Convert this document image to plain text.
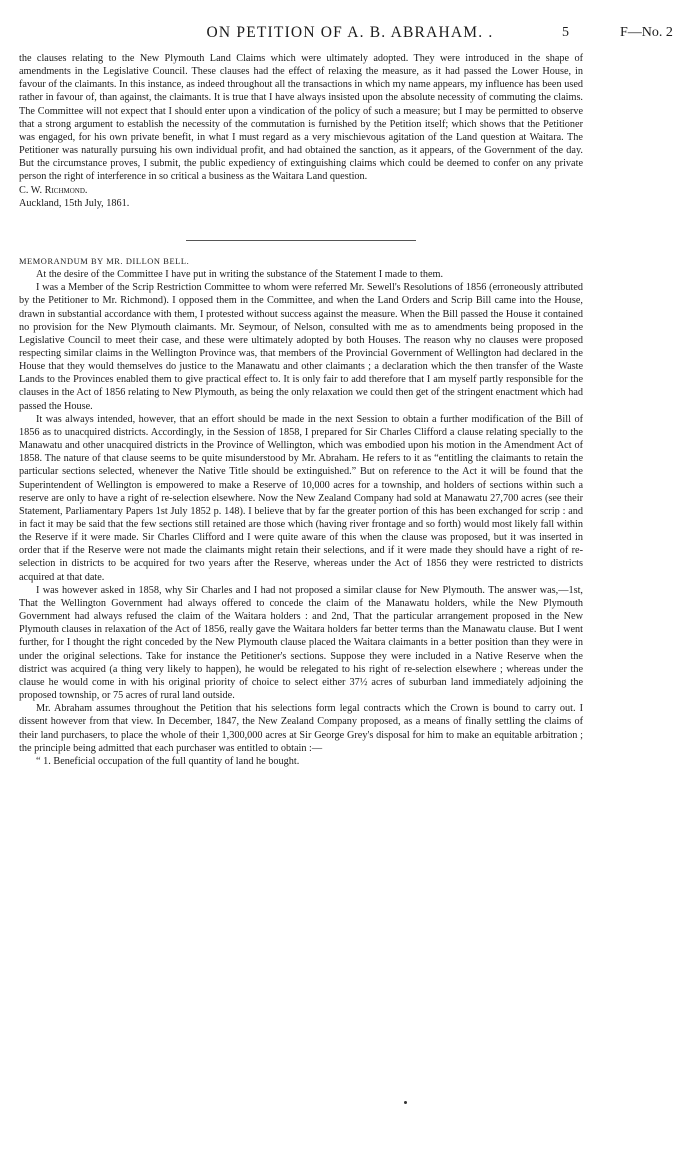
ON PETITION OF A. B. ABRAHAM. .	5	F—No. 2

the clauses relating to the New Plymouth Land Claims which were ultimately adopted. They were introduced in the shape of amendments in the Legislative Council. These clauses had the effect of relaxing the measure, as it had passed the Lower House, in favour of the claimants. In this instance, as indeed throughout all the transactions in which my name appears, my influence has been used rather in favour of, than against, the claimants. It is true that I have always insisted upon the absolute necessity of commuting the claims. The Committee will not expect that I should enter upon a vindication of the policy of such a measure; but I may be permitted to observe that a strong argument to establish the necessity of the commutation is furnished by the Petition itself; which shows that the Petitioner was engaged, for his own private benefit, in what I must regard as a very mischievous agitation of the Land question at Waitara. The Petitioner was naturally pursuing his own individual profit, and had obtained the sanction, as it appears, of the Government of the day. But the circumstance proves, I submit, the public expediency of extinguishing claims which could be deemed to confer on any private person the right of interference in so critical a business as the Waitara Land question.

C. W. Richmond.

Auckland, 15th July, 1861.

MEMORANDUM BY MR. DILLON BELL.

At the desire of the Committee I have put in writing the substance of the Statement I made to them.

I was a Member of the Scrip Restriction Committee to whom were referred Mr. Sewell's Resolutions of 1856 (erroneously attributed by the Petitioner to Mr. Richmond). I opposed them in the Committee, and when the Land Orders and Scrip Bill came into the House, drawn in substantial accordance with them, I protested without success against the measure. When the Bill passed the House it contained no provision for the New Plymouth claimants. Mr. Seymour, of Nelson, consulted with me as to amendments being proposed in the Legislative Council to meet their case, and these were ultimately adopted by both Houses. The reason why no clauses were proposed respecting similar claims in the Wellington Province was, that members of the Provincial Government of Wellington had declared in the House that they would themselves do justice to the Manawatu and other claimants ; a declaration which the then transfer of the Waste Lands to the Provinces enabled them to give practical effect to. It is only fair to add therefore that I am myself partly responsible for the clauses in the Act of 1856 relating to New Plymouth, as being the only relaxation we could then get of the stringent enactment which had passed the House.

It was always intended, however, that an effort should be made in the next Session to obtain a further modification of the Bill of 1856 as to unacquired districts. Accordingly, in the Session of 1858, I prepared for Sir Charles Clifford a clause relating specially to the Manawatu and other unacquired districts in the Province of Wellington, which was embodied upon his motion in the Amendment Act of 1858. The nature of that clause seems to be quite misunderstood by Mr. Abraham. He refers to it as “entitling the claimants to retain the particular sections selected, whenever the Native Title should be extinguished.” But on reference to the Act it will be found that the Superintendent of Wellington is empowered to make a Reserve of 10,000 acres for a township, and holders of sections within such a reserve are only to have a right of re-selection elsewhere. Now the New Zealand Company had sold at Manawatu 27,700 acres (see their Statement, Parliamentary Papers 1st July 1852 p. 148). I believe that by far the greater portion of this has been exchanged for scrip : and in fact it may be said that the few sections still retained are those which (having river frontage and so forth) would most likely fall within the Reserve if it were made. Sir Charles Clifford and I were quite aware of this when the clause was proposed, but it was inserted in order that if the Reserve were not made the claimants might retain their selections, and if it were made they should have a right of re-selection in districts to be acquired for two years after the Reserve, whereas under the Act of 1856 they were restricted to districts acquired at that date.

I was however asked in 1858, why Sir Charles and I had not proposed a similar clause for New Plymouth. The answer was,—1st, That the Wellington Government had always offered to concede the claim of the Manawatu holders, while the New Plymouth Government had always refused the claim of the Waitara holders : and 2nd, That the particular arrangement proposed in the New Plymouth clauses in relaxation of the Act of 1856, really gave the Waitara holders far better terms than the Manawatu clause. But I went further, for I thought the right conceded by the New Plymouth clause placed the Waitara claimants in a better position than they were in under the original selections. Take for instance the Petitioner's sections. Suppose they were included in a Native Reserve when the district was acquired (a thing very likely to happen), he would be relegated to his right of re-selection elsewhere ; whereas under the clause he would come in with his original priority of choice to select either 37½ acres of suburban land immediately adjoining the proposed township, or 75 acres of rural land outside.

Mr. Abraham assumes throughout the Petition that his selections form legal contracts which the Crown is bound to carry out. I dissent however from that view. In December, 1847, the New Zealand Company proposed, as a means of finally settling the claims of their land purchasers, to place the whole of their 1,300,000 acres at Sir George Grey's disposal for him to make an equitable arbitration ; the principle being admitted that each purchaser was entitled to obtain :—

“ 1. Beneficial occupation of the full quantity of land he bought.
